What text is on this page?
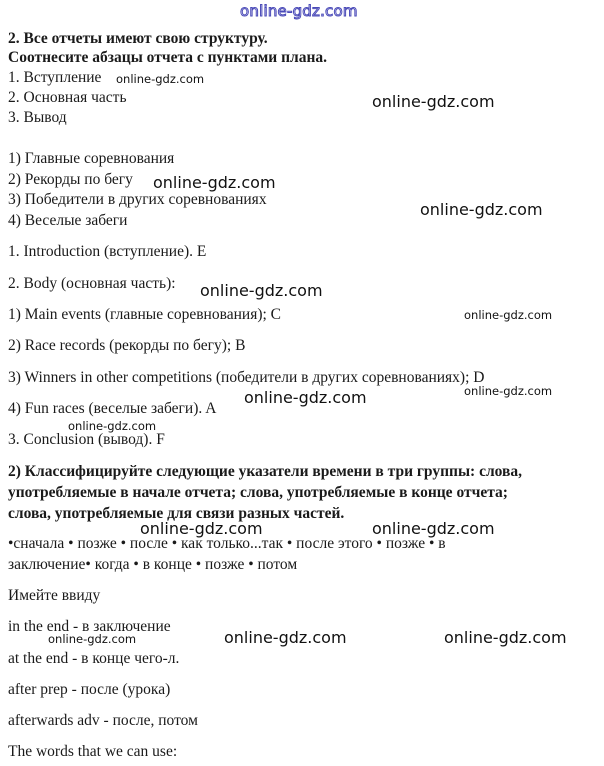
online-gdz.com
2. Все отчеты имеют свою структуру.
Соотнесите абзацы отчета с пунктами плана.
1. Вступление
2. Основная часть
3. Вывод
1) Главные соревнования
2) Рекорды по бегу
3) Победители в других соревнованиях
4) Веселые забеги
1. Introduction (вступление). E
2. Body (основная часть):
1) Main events (главные соревнования); C
2) Race records (рекорды по бегу); B
3) Winners in other competitions (победители в других соревнованиях); D
4) Fun races (веселые забеги). A
3. Conclusion (вывод). F
2) Классифицируйте следующие указатели времени в три группы: слова,
употребляемые в начале отчета; слова, употребляемые в конце отчета;
слова, употребляемые для связи разных частей.
•сначала • позже • после • как только...так • после этого • позже • в
заключение• когда • в конце • позже • потом
Имейте ввиду
in the end - в заключение
at the end - в конце чего-л.
after prep - после (урока)
afterwards adv - после, потом
The words that we can use:
online-gdz.com
online-gdz.com
online-gdz.com
online-gdz.com
online-gdz.com
online-gdz.com
online-gdz.com
online-gdz.com
online-gdz.com
online-gdz.com	online-gdz.com
online-gdz.com	online-gdz.com	online-gdz.com
